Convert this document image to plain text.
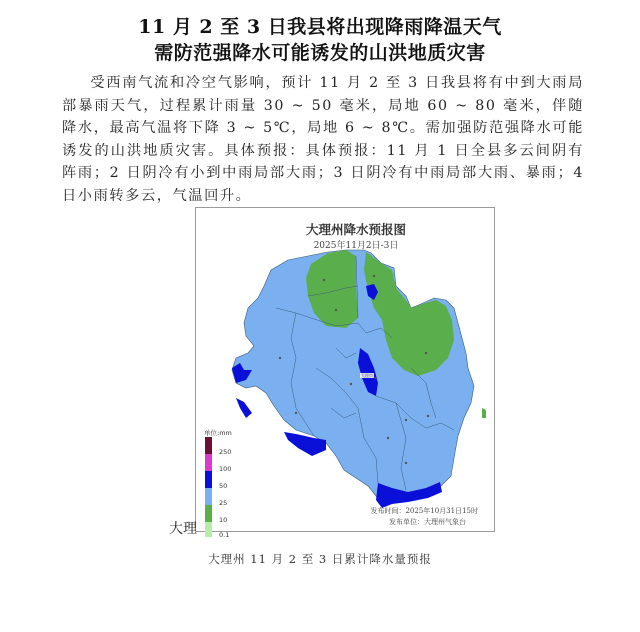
11 月 2 至 3 日我县将出现降雨降温天气
需防范强降水可能诱发的山洪地质灾害
受西南气流和冷空气影响，预计 11 月 2 至 3 日我县将有中到大雨局部暴雨天气，过程累计雨量 30 ~ 50 毫米，局地 60 ~ 80 毫米，伴随降水，最高气温将下降 3 ~ 5℃，局地 6 ~ 8℃。需加强防范强降水可能诱发的山洪地质灾害。具体预报：具体预报：11 月 1 日全县多云间阴有阵雨；2 日阴冷有小到中雨局部大雨；3 日阴冷有中雨局部大雨、暴雨；4 日小雨转多云，气温回升。
大理市
大理州降水预报图
2025年11月2日-3日
单位:mm
250
100
50
25
10
0.1
发布时间：2025年10月31日15时
发布单位：大理州气象台
大理
大理州 11 月 2 至 3 日累计降水量预报
